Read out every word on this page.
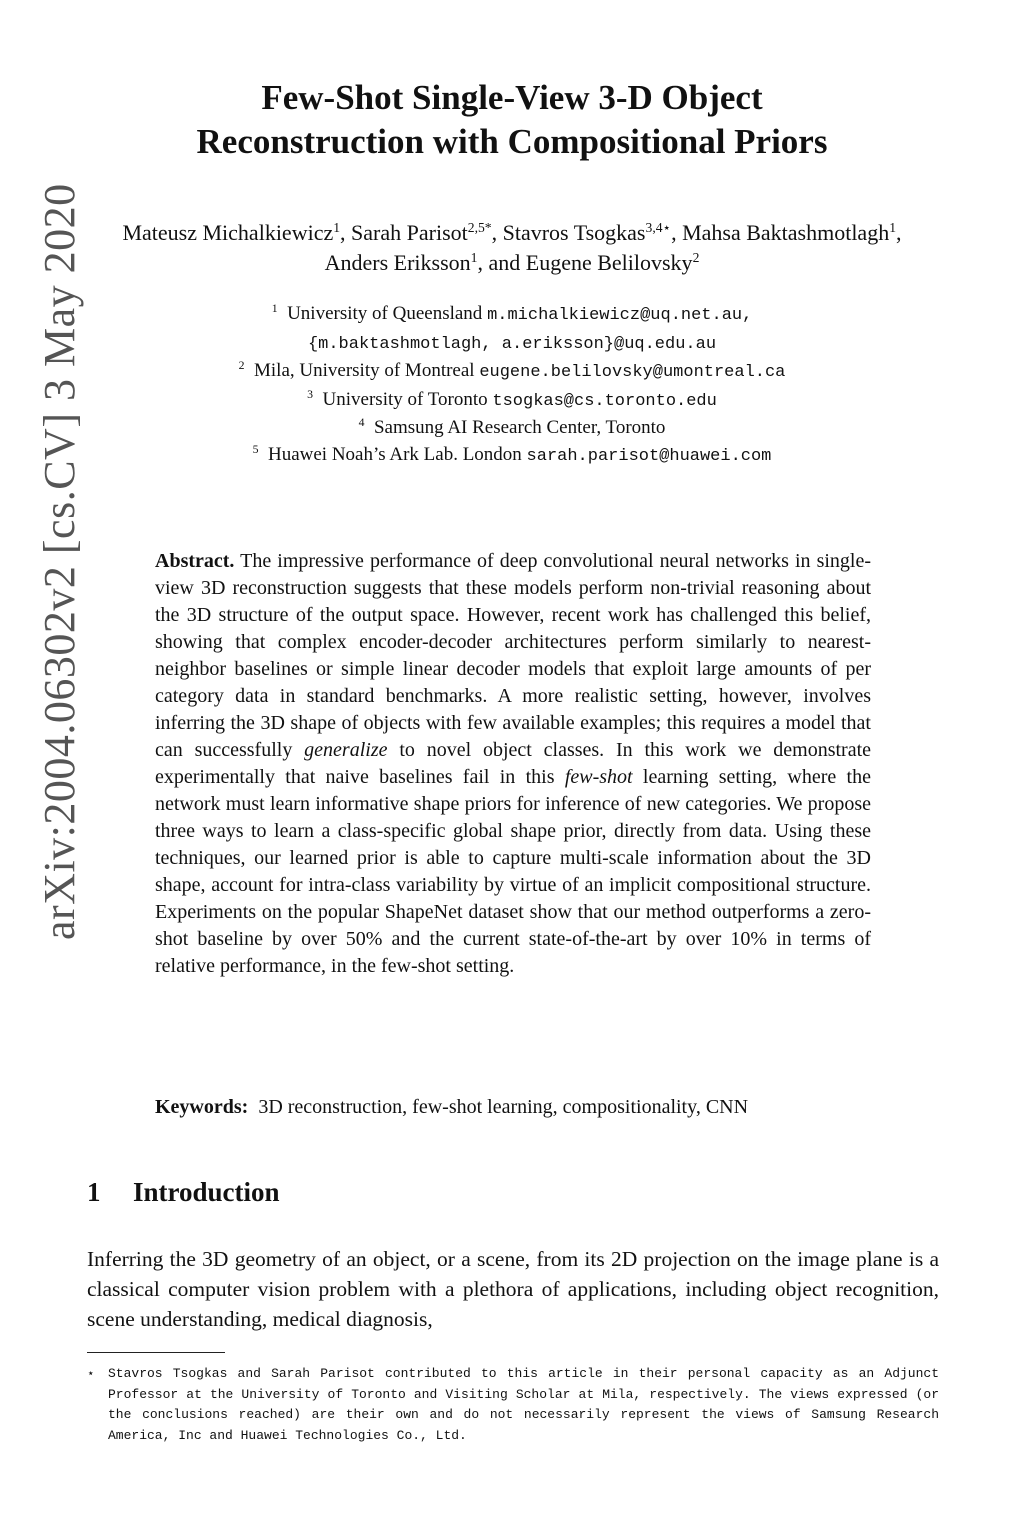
arXiv:2004.06302v2 [cs.CV] 3 May 2020
Few-Shot Single-View 3-D Object
Reconstruction with Compositional Priors
Mateusz Michalkiewicz$^1$, Sarah Parisot$^{2,5*}$, Stavros Tsogkas$^{3,4⋆}$, Mahsa Baktashmotlagh$^1$, Anders Eriksson$^1$, and Eugene Belilovsky$^2$
$^1$ University of Queensland m.michalkiewicz@uq.net.au,
{m.baktashmotlagh, a.eriksson}@uq.edu.au
$^2$ Mila, University of Montreal eugene.belilovsky@umontreal.ca
$^3$ University of Toronto tsogkas@cs.toronto.edu
$^4$ Samsung AI Research Center, Toronto
$^5$ Huawei Noah’s Ark Lab. London sarah.parisot@huawei.com
Abstract. The impressive performance of deep convolutional neural networks in single-view 3D reconstruction suggests that these models perform non-trivial reasoning about the 3D structure of the output space. However, recent work has challenged this belief, showing that complex encoder-decoder architectures perform similarly to nearest-neighbor baselines or simple linear decoder models that exploit large amounts of per category data in standard benchmarks. A more realistic setting, however, involves inferring the 3D shape of objects with few available examples; this requires a model that can successfully generalize to novel object classes. In this work we demonstrate experimentally that naive baselines fail in this few-shot learning setting, where the network must learn informative shape priors for inference of new categories. We propose three ways to learn a class-specific global shape prior, directly from data. Using these techniques, our learned prior is able to capture multi-scale information about the 3D shape, account for intra-class variability by virtue of an implicit compositional structure. Experiments on the popular ShapeNet dataset show that our method outperforms a zero-shot baseline by over 50% and the current state-of-the-art by over 10% in terms of relative performance, in the few-shot setting.
Keywords: 3D reconstruction, few-shot learning, compositionality, CNN
1 Introduction
Inferring the 3D geometry of an object, or a scene, from its 2D projection on the image plane is a classical computer vision problem with a plethora of applications, including object recognition, scene understanding, medical diagnosis,
⋆ Stavros Tsogkas and Sarah Parisot contributed to this article in their personal capacity as an Adjunct Professor at the University of Toronto and Visiting Scholar at Mila, respectively. The views expressed (or the conclusions reached) are their own and do not necessarily represent the views of Samsung Research America, Inc and Huawei Technologies Co., Ltd.
